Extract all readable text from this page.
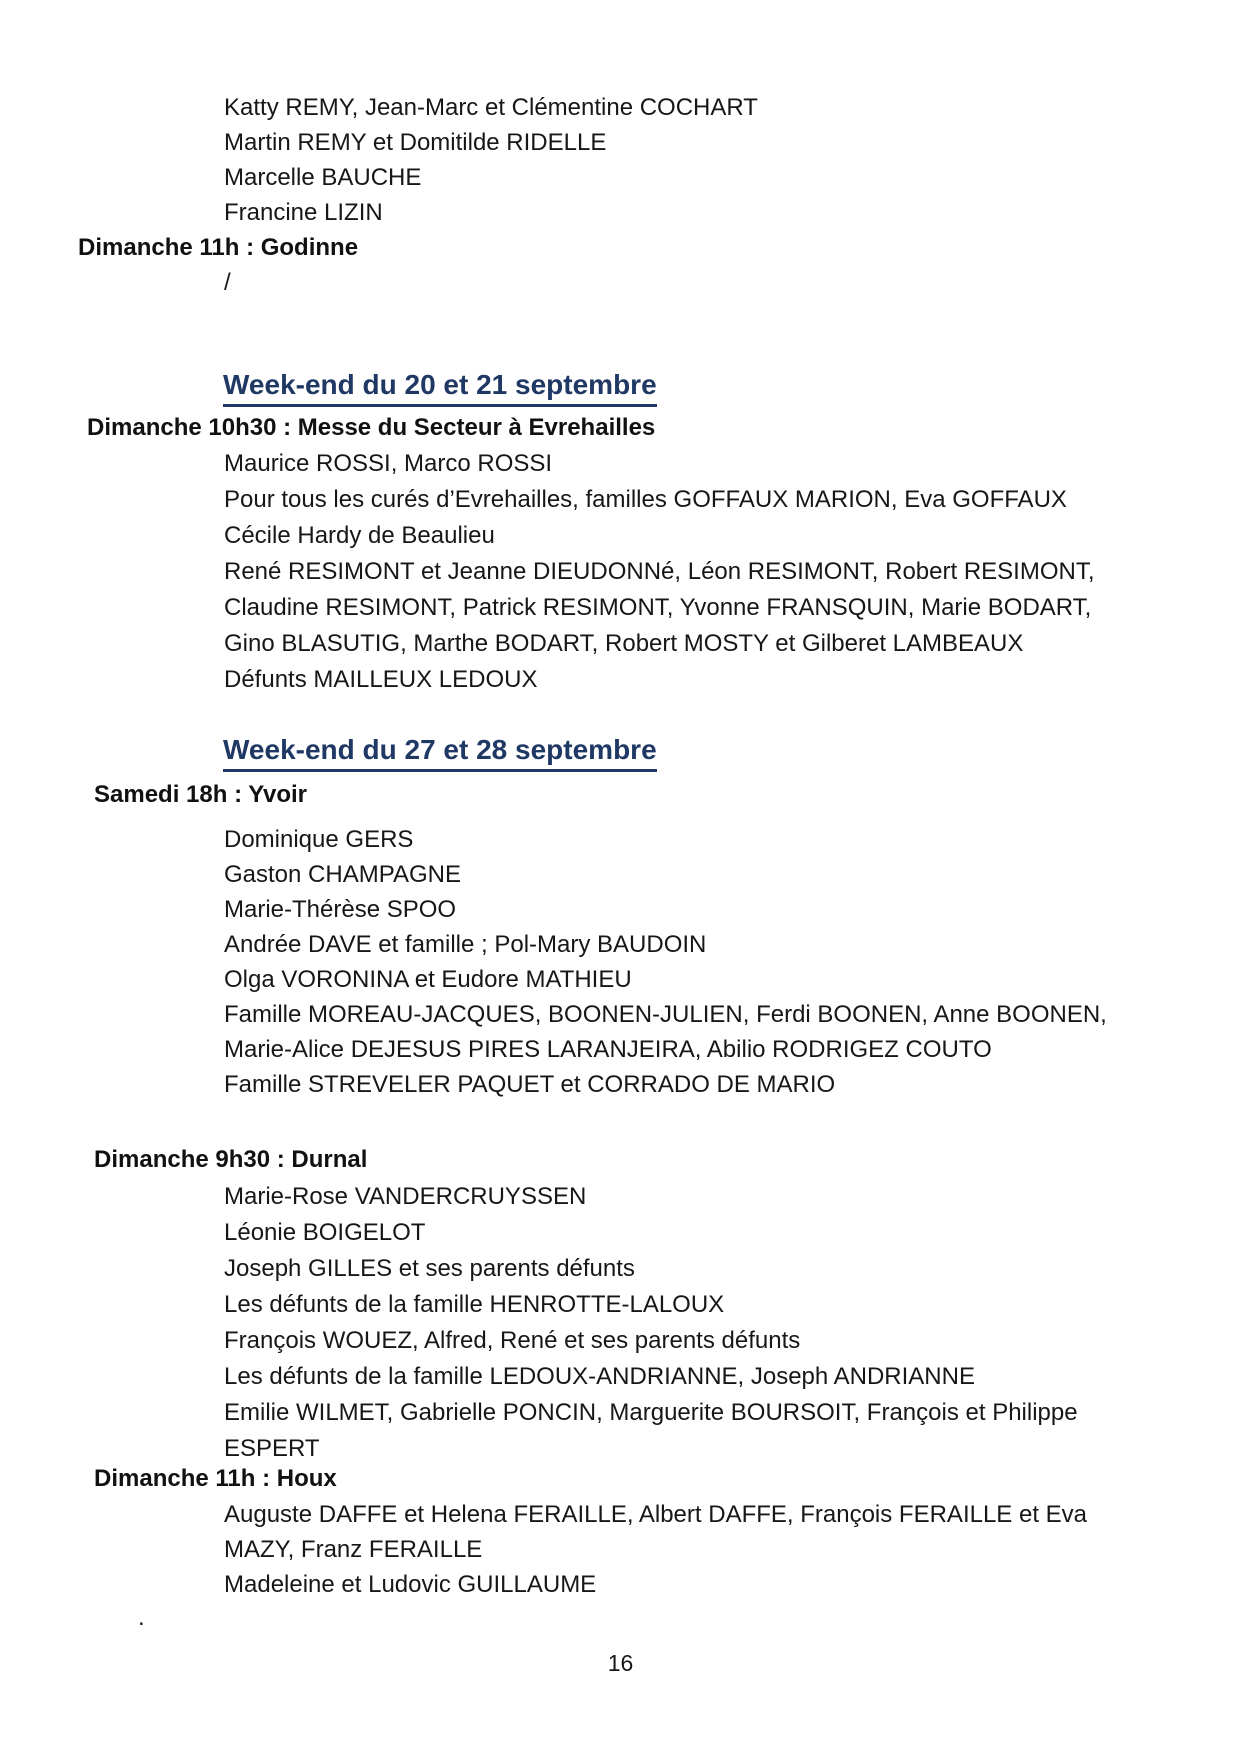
Katty REMY, Jean-Marc et Clémentine COCHART
Martin REMY et Domitilde RIDELLE
Marcelle BAUCHE
Francine LIZIN
Dimanche 11h : Godinne
/
Week-end du 20 et 21 septembre
Dimanche 10h30 : Messe du Secteur à Evrehailles
Maurice ROSSI, Marco ROSSI
Pour tous les curés d’Evrehailles, familles GOFFAUX MARION, Eva GOFFAUX
Cécile Hardy de Beaulieu
René RESIMONT et Jeanne DIEUDONNé, Léon RESIMONT, Robert RESIMONT,
Claudine RESIMONT, Patrick RESIMONT, Yvonne FRANSQUIN, Marie BODART,
Gino BLASUTIG, Marthe BODART, Robert MOSTY et Gilberet LAMBEAUX
Défunts MAILLEUX LEDOUX
Week-end du 27 et 28 septembre
Samedi 18h : Yvoir
Dominique GERS
Gaston CHAMPAGNE
Marie-Thérèse SPOO
Andrée DAVE et famille ; Pol-Mary BAUDOIN
Olga VORONINA et Eudore MATHIEU
Famille MOREAU-JACQUES, BOONEN-JULIEN, Ferdi BOONEN, Anne BOONEN,
Marie-Alice DEJESUS PIRES LARANJEIRA, Abilio RODRIGEZ COUTO
Famille STREVELER PAQUET et CORRADO DE MARIO
Dimanche 9h30 : Durnal
Marie-Rose VANDERCRUYSSEN
Léonie BOIGELOT
Joseph GILLES et ses parents défunts
Les défunts de la famille HENROTTE-LALOUX
François WOUEZ, Alfred, René et ses parents défunts
Les défunts de la famille LEDOUX-ANDRIANNE, Joseph ANDRIANNE
Emilie WILMET, Gabrielle PONCIN, Marguerite BOURSOIT, François et Philippe
ESPERT
Dimanche 11h : Houx
Auguste DAFFE et Helena FERAILLE, Albert DAFFE, François FERAILLE et Eva
MAZY, Franz FERAILLE
Madeleine et Ludovic GUILLAUME
.
16
